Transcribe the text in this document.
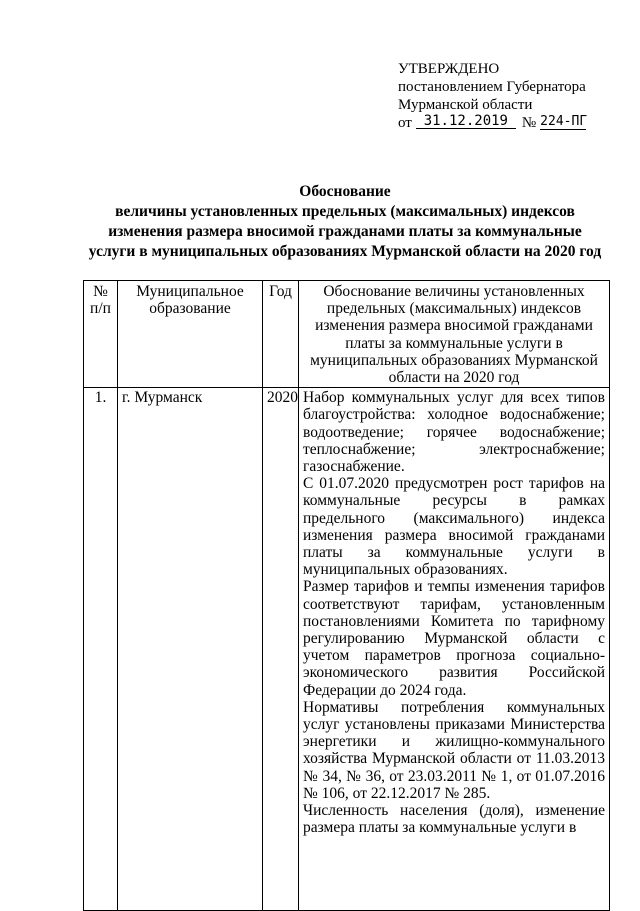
УТВЕРЖДЕНО
постановлением Губернатора
Мурманской области
от 31.12.2019 № 224-ПГ
Обоснование
величины установленных предельных (максимальных) индексов
изменения размера вносимой гражданами платы за коммунальные
услуги в муниципальных образованиях Мурманской области на 2020 год
№ п/п	Муниципальное образование	Год	Обоснование величины установленных предельных (максимальных) индексов изменения размера вносимой гражданами платы за коммунальные услуги в муниципальных образованиях Мурманской области на 2020 год
1.	г. Мурманск	2020	Набор коммунальных услуг для всех типов благоустройства: холодное водоснабжение; водоотведение; горячее водоснабжение; теплоснабжение; электроснабжение; газоснабжение.

С 01.07.2020 предусмотрен рост тарифов на коммунальные ресурсы в рамках предельного (максимального) индекса изменения размера вносимой гражданами платы за коммунальные услуги в муниципальных образованиях.

Размер тарифов и темпы изменения тарифов соответствуют тарифам, установленным постановлениями Комитета по тарифному регулированию Мурманской области с учетом параметров прогноза социально-экономического развития Российской Федерации до 2024 года.

Нормативы потребления коммунальных услуг установлены приказами Министерства энергетики и жилищно-коммунального хозяйства Мурманской области от 11.03.2013 № 34, № 36, от 23.03.2011 № 1, от 01.07.2016 № 106, от 22.12.2017 № 285.

Численность населения (доля), изменение размера платы за коммунальные услуги в
